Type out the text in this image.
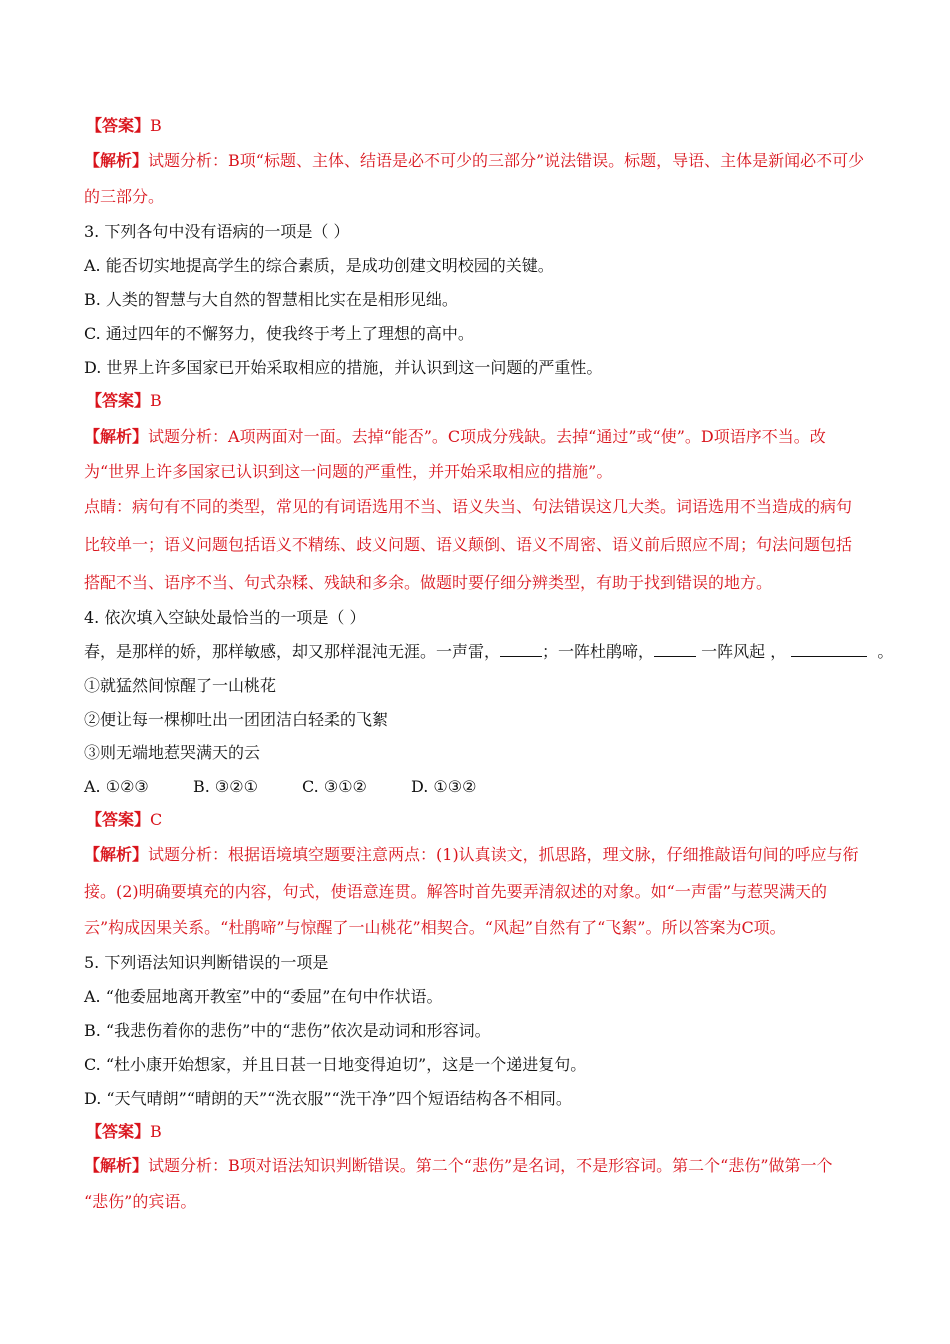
【答案】B
【解析】试题分析：B项“标题、主体、结语是必不可少的三部分”说法错误。标题，导语、主体是新闻必不可少
的三部分。
3. 下列各句中没有语病的一项是（ ）
A. 能否切实地提高学生的综合素质，是成功创建文明校园的关键。
B. 人类的智慧与大自然的智慧相比实在是相形见绌。
C. 通过四年的不懈努力，使我终于考上了理想的高中。
D. 世界上许多国家已开始采取相应的措施，并认识到这一问题的严重性。
【答案】B
【解析】试题分析：A项两面对一面。去掉“能否”。C项成分残缺。去掉“通过”或“使”。D项语序不当。改
为“世界上许多国家已认识到这一问题的严重性，并开始采取相应的措施”。
点睛：病句有不同的类型，常见的有词语选用不当、语义失当、句法错误这几大类。词语选用不当造成的病句
比较单一；语义问题包括语义不精练、歧义问题、语义颠倒、语义不周密、语义前后照应不周；句法问题包括
搭配不当、语序不当、句式杂糅、残缺和多余。做题时要仔细分辨类型，有助于找到错误的地方。
4. 依次填入空缺处最恰当的一项是（ ）
春，是那样的娇，那样敏感，却又那样混沌无涯。一声雷，	；一阵杜鹃啼，	一阵风起 ，	。
①就猛然间惊醒了一山桃花
②便让每一棵柳吐出一团团洁白轻柔的飞絮
③则无端地惹哭满天的云
A. ①②③	B. ③②①	C. ③①②	D. ①③②
【答案】C
【解析】试题分析：根据语境填空题要注意两点：(1)认真读文，抓思路，理文脉，仔细推敲语句间的呼应与衔
接。(2)明确要填充的内容，句式，使语意连贯。解答时首先要弄清叙述的对象。如“一声雷”与惹哭满天的
云”构成因果关系。“杜鹃啼”与惊醒了一山桃花”相契合。“风起”自然有了“飞絮”。所以答案为C项。
5. 下列语法知识判断错误的一项是
A. “他委屈地离开教室”中的“委屈”在句中作状语。
B. “我悲伤着你的悲伤”中的“悲伤”依次是动词和形容词。
C. “杜小康开始想家，并且日甚一日地变得迫切”，这是一个递进复句。
D. “天气晴朗”“晴朗的天”“洗衣服”“洗干净”四个短语结构各不相同。
【答案】B
【解析】试题分析：B项对语法知识判断错误。第二个“悲伤”是名词，不是形容词。第二个“悲伤”做第一个
“悲伤”的宾语。
